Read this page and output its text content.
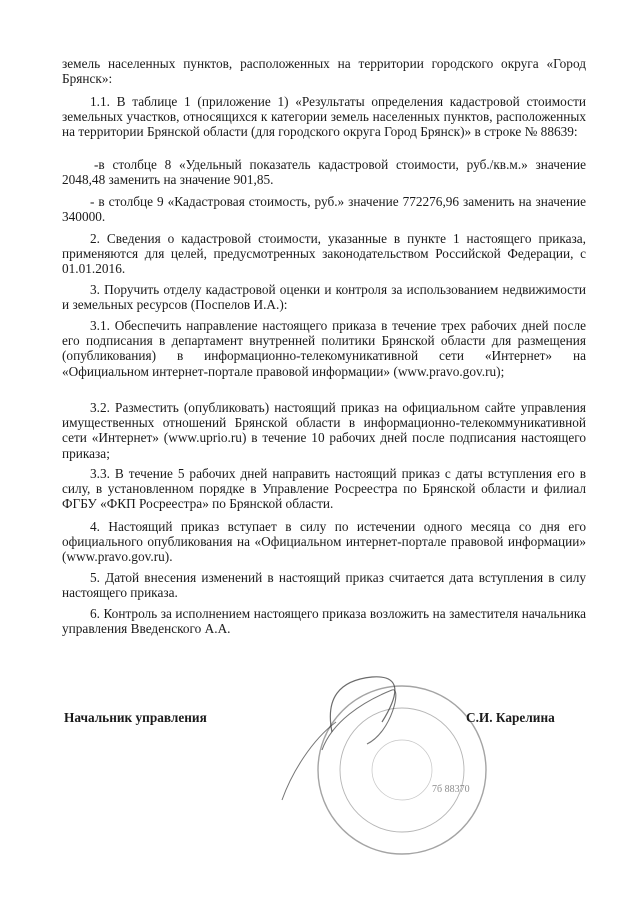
земель населенных пунктов, расположенных на территории городского округа «Город Брянск»:

1.1. В таблице 1 (приложение 1) «Результаты определения кадастровой стоимости земельных участков, относящихся к категории земель населенных пунктов, расположенных на территории Брянской области (для городского округа Город Брянск)» в строке № 88639:

-в столбце 8 «Удельный показатель кадастровой стоимости, руб./кв.м.» значение 2048,48 заменить на значение 901,85.

- в столбце 9 «Кадастровая стоимость, руб.» значение 772276,96 заменить на значение 340000.

2. Сведения о кадастровой стоимости, указанные в пункте 1 настоящего приказа, применяются для целей, предусмотренных законодательством Российской Федерации, с 01.01.2016.

3. Поручить отделу кадастровой оценки и контроля за использованием недвижимости и земельных ресурсов (Поспелов И.А.):

3.1. Обеспечить направление настоящего приказа в течение трех рабочих дней после его подписания в департамент внутренней политики Брянской области для размещения (опубликования) в информационно-телекомуникативной сети «Интернет» на «Официальном интернет-портале правовой информации» (www.pravo.gov.ru);

3.2. Разместить (опубликовать) настоящий приказ на официальном сайте управления имущественных отношений Брянской области в информационно-телекоммуникативной сети «Интернет» (www.uprio.ru) в течение 10 рабочих дней после подписания настоящего приказа;

3.3. В течение 5 рабочих дней направить настоящий приказ с даты вступления его в силу, в установленном порядке в Управление Росреестра по Брянской области и филиал ФГБУ «ФКП Росреестра» по Брянской области.

4. Настоящий приказ вступает в силу по истечении одного месяца со дня его официального опубликования на «Официальном интернет-портале правовой информации» (www.pravo.gov.ru).

5. Датой внесения изменений в настоящий приказ считается дата вступления в силу настоящего приказа.

6. Контроль за исполнением настоящего приказа возложить на заместителя начальника управления Введенского А.А.

7б 88370
Начальник управления	С.И. Карелина
